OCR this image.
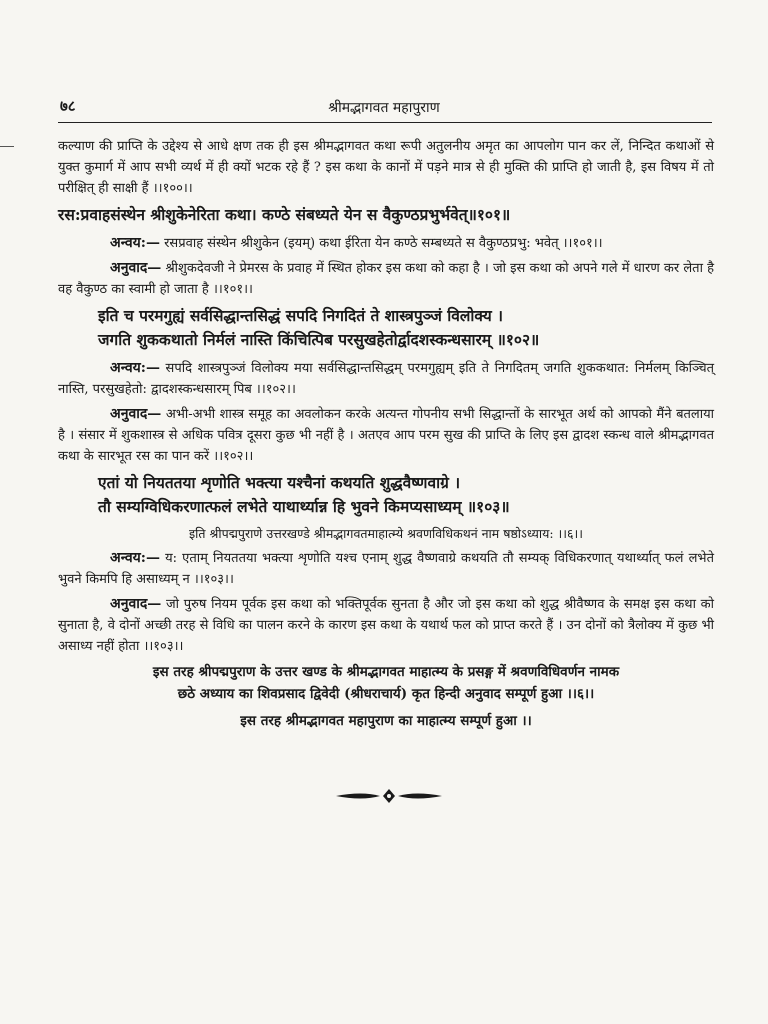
७८	श्रीमद्भागवत महापुराण

कल्याण की प्राप्ति के उद्देश्य से आधे क्षण तक ही इस श्रीमद्भागवत कथा रूपी अतुलनीय अमृत का आपलोग पान कर लें, निन्दित कथाओं से युक्त कुमार्ग में आप सभी व्यर्थ में ही क्यों भटक रहे हैं ? इस कथा के कानों में पड़ने मात्र से ही मुक्ति की प्राप्ति हो जाती है, इस विषय में तो परीक्षित् ही साक्षी हैं ।।१००।।

रस:प्रवाहसंस्थेन श्रीशुकेनेरिता कथा। कण्ठे संबध्यते येन स वैकुण्ठप्रभुर्भवेत्॥१०१॥

अन्वय:— रसप्रवाह संस्थेन श्रीशुकेन (इयम्) कथा ईरिता येन कण्ठे सम्बध्यते स वैकुण्ठप्रभु: भवेत् ।।१०१।।

अनुवाद— श्रीशुकदेवजी ने प्रेमरस के प्रवाह में स्थित होकर इस कथा को कहा है । जो इस कथा को अपने गले में धारण कर लेता है वह वैकुण्ठ का स्वामी हो जाता है ।।१०१।।

इति च परमगुह्यं सर्वसिद्धान्तसिद्धं सपदि निगदितं ते शास्त्रपुञ्जं विलोक्य ।
जगति शुककथातो निर्मलं नास्ति किंचित्पिब परसुखहेतोर्द्वादशस्कन्धसारम् ॥१०२॥

अन्वय:— सपदि शास्त्रपुञ्जं विलोक्य मया सर्वसिद्धान्तसिद्धम् परमगुह्यम् इति ते निगदितम् जगति शुककथात: निर्मलम् किञ्चित् नास्ति, परसुखहेतो: द्वादशस्कन्धसारम् पिब ।।१०२।।

अनुवाद— अभी-अभी शास्त्र समूह का अवलोकन करके अत्यन्त गोपनीय सभी सिद्धान्तों के सारभूत अर्थ को आपको मैंने बतलाया है । संसार में शुकशास्त्र से अधिक पवित्र दूसरा कुछ भी नहीं है । अतएव आप परम सुख की प्राप्ति के लिए इस द्वादश स्कन्ध वाले श्रीमद्भागवत कथा के सारभूत रस का पान करें ।।१०२।।

एतां यो नियततया शृणोति भक्त्या यश्चैनां कथयति शुद्धवैष्णवाग्रे ।
तौ सम्यग्विधिकरणात्फलं लभेते याथार्थ्यान्न हि भुवने किमप्यसाध्यम् ॥१०३॥
इति श्रीपद्मपुराणे उत्तरखण्डे श्रीमद्भागवतमाहात्म्ये श्रवणविधिकथनं नाम षष्ठोऽध्याय: ।।६।।

अन्वय:— य: एताम् नियततया भक्त्या शृणोति यश्च एनाम् शुद्ध वैष्णवाग्रे कथयति तौ सम्यक् विधिकरणात् यथार्थ्यात् फलं लभेते भुवने किमपि हि असाध्यम् न ।।१०३।।

अनुवाद— जो पुरुष नियम पूर्वक इस कथा को भक्तिपूर्वक सुनता है और जो इस कथा को शुद्ध श्रीवैष्णव के समक्ष इस कथा को सुनाता है, वे दोनों अच्छी तरह से विधि का पालन करने के कारण इस कथा के यथार्थ फल को प्राप्त करते हैं । उन दोनों को त्रैलोक्य में कुछ भी असाध्य नहीं होता ।।१०३।।

इस तरह श्रीपद्मपुराण के उत्तर खण्ड के श्रीमद्भागवत माहात्म्य के प्रसङ्ग में श्रवणविधिवर्णन नामक
छठे अध्याय का शिवप्रसाद द्विवेदी (श्रीधराचार्य) कृत हिन्दी अनुवाद सम्पूर्ण हुआ ।।६।।
इस तरह श्रीमद्भागवत महापुराण का माहात्म्य सम्पूर्ण हुआ ।।
